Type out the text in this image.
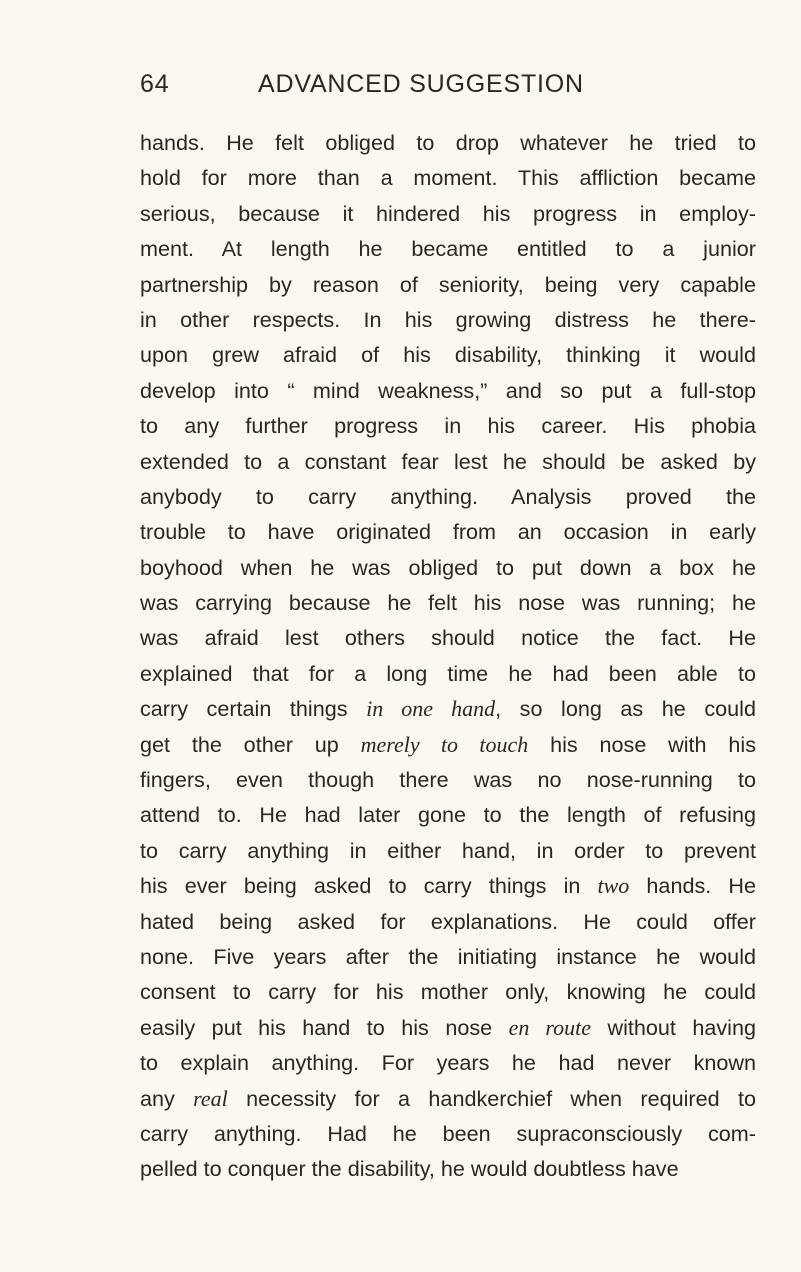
64	ADVANCED SUGGESTION
hands. He felt obliged to drop whatever he tried to
hold for more than a moment. This affliction became
serious, because it hindered his progress in employ-
ment. At length he became entitled to a junior
partnership by reason of seniority, being very capable
in other respects. In his growing distress he there-
upon grew afraid of his disability, thinking it would
develop into “ mind weakness,” and so put a full-stop
to any further progress in his career. His phobia
extended to a constant fear lest he should be asked by
anybody to carry anything. Analysis proved the
trouble to have originated from an occasion in early
boyhood when he was obliged to put down a box he
was carrying because he felt his nose was running; he
was afraid lest others should notice the fact. He
explained that for a long time he had been able to
carry certain things in one hand, so long as he could
get the other up merely to touch his nose with his
fingers, even though there was no nose-running to
attend to. He had later gone to the length of refusing
to carry anything in either hand, in order to prevent
his ever being asked to carry things in two hands. He
hated being asked for explanations. He could offer
none. Five years after the initiating instance he would
consent to carry for his mother only, knowing he could
easily put his hand to his nose en route without having
to explain anything. For years he had never known
any real necessity for a handkerchief when required to
carry anything. Had he been supraconsciously com-
pelled to conquer the disability, he would doubtless have
